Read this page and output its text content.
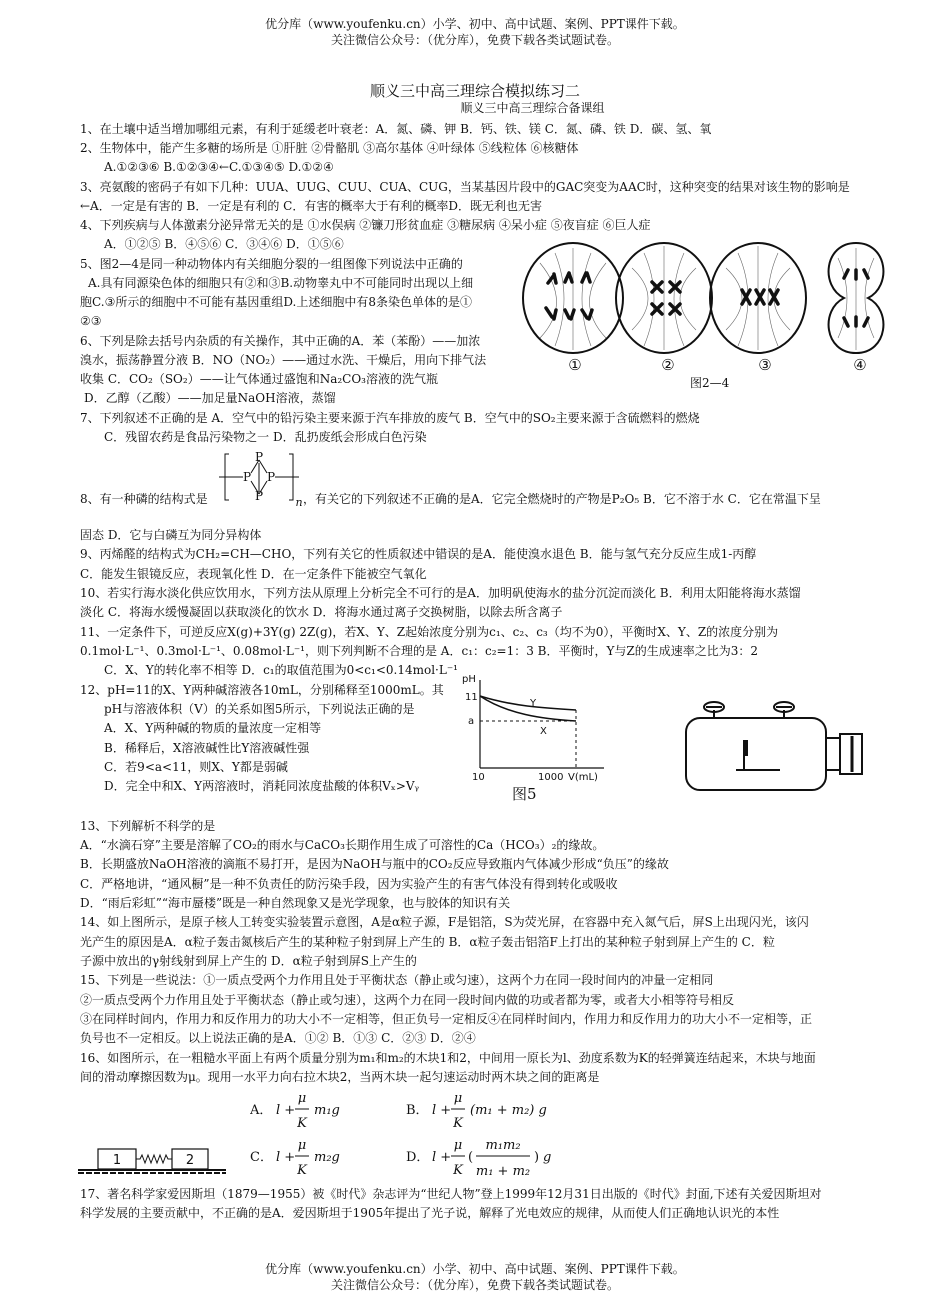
优分库（www.youfenku.cn）小学、初中、高中试题、案例、PPT课件下载。
关注微信公众号：（优分库），免费下载各类试题试卷。
顺义三中高三理综合模拟练习二
顺义三中高三理综合备课组
1、在土壤中适当增加哪组元素，有利于延缓老叶衰老：A．氮、磷、钾 B．钙、铁、镁 C．氮、磷、铁 D．碳、氢、氧
2、生物体中，能产生多糖的场所是 ①肝脏 ②骨骼肌 ③高尔基体 ④叶绿体 ⑤线粒体 ⑥核糖体
A.①②③⑥ B.①②③④←C.①③④⑤ D.①②④
3、亮氨酸的密码子有如下几种：UUA、UUG、CUU、CUA、CUG，当某基因片段中的GAC突变为AAC时，这种突变的结果对该生物的影响是
←A．一定是有害的 B．一定是有利的 C．有害的概率大于有利的概率D．既无利也无害
4、下列疾病与人体激素分泌异常无关的是 ①水俣病 ②镰刀形贫血症 ③糖尿病 ④呆小症 ⑤夜盲症 ⑥巨人症
A．①②⑤ B．④⑤⑥ C．③④⑥ D．①⑤⑥
5、图2—4是同一种动物体内有关细胞分裂的一组图像下列说法中正确的
A.具有同源染色体的细胞只有②和③B.动物睾丸中不可能同时出现以上细
胞C.③所示的细胞中不可能有基因重组D.上述细胞中有8条染色单体的是①
②③
6、下列是除去括号内杂质的有关操作，其中正确的A．苯（苯酚）——加浓
溴水，振荡静置分液 B．NO（NO₂）——通过水洗、干燥后，用向下排气法
收集 C．CO₂（SO₂）——让气体通过盛饱和Na₂CO₃溶液的洗气瓶
D．乙醇（乙酸）——加足量NaOH溶液，蒸馏
7、下列叙述不正确的是 A．空气中的铅污染主要来源于汽车排放的废气 B．空气中的SO₂主要来源于含硫燃料的燃烧
C．残留农药是食品污染物之一 D．乱扔废纸会形成白色污染
8、有一种磷的结构式是	，有关它的下列叙述不正确的是A．它完全燃烧时的产物是P₂O₅ B．它不溶于水 C．它在常温下呈
固态 D．它与白磷互为同分异构体
9、丙烯醛的结构式为CH₂=CH—CHO，下列有关它的性质叙述中错误的是A．能使溴水退色 B．能与氢气充分反应生成1-丙醇
C．能发生银镜反应，表现氧化性 D．在一定条件下能被空气氧化
10、若实行海水淡化供应饮用水，下列方法从原理上分析完全不可行的是A．加明矾使海水的盐分沉淀而淡化 B．利用太阳能将海水蒸馏
淡化 C．将海水缓慢凝固以获取淡化的饮水 D．将海水通过离子交换树脂，以除去所含离子
11、一定条件下，可逆反应X(g)+3Y(g) 2Z(g)，若X、Y、Z起始浓度分别为c₁、c₂、c₃（均不为0），平衡时X、Y、Z的浓度分别为
0.1mol·L⁻¹、0.3mol·L⁻¹、0.08mol·L⁻¹，则下列判断不合理的是 A．c₁：c₂=1：3 B．平衡时，Y与Z的生成速率之比为3：2
C．X、Y的转化率不相等 D．c₁的取值范围为0<c₁<0.14mol·L⁻¹
12、pH=11的X、Y两种碱溶液各10mL，分别稀释至1000mL。其
pH与溶液体积（V）的关系如图5所示，下列说法正确的是
A．X、Y两种碱的物质的量浓度一定相等
B．稀释后，X溶液碱性比Y溶液碱性强
C．若9<a<11，则X、Y都是弱碱
D．完全中和X、Y两溶液时，消耗同浓度盐酸的体积Vₓ>Vᵧ
13、下列解析不科学的是
A．“水滴石穿”主要是溶解了CO₂的雨水与CaCO₃长期作用生成了可溶性的Ca（HCO₃）₂的缘故。
B．长期盛放NaOH溶液的滴瓶不易打开，是因为NaOH与瓶中的CO₂反应导致瓶内气体减少形成“负压”的缘故
C．严格地讲，“通风橱”是一种不负责任的防污染手段，因为实验产生的有害气体没有得到转化或吸收
D．“雨后彩虹”“海市蜃楼”既是一种自然现象又是光学现象，也与胶体的知识有关
14、如上图所示，是原子核人工转变实验装置示意图，A是α粒子源，F是铝箔，S为荧光屏，在容器中充入氮气后，屏S上出现闪光，该闪
光产生的原因是A．α粒子轰击氮核后产生的某种粒子射到屏上产生的 B．α粒子轰击铝箔F上打出的某种粒子射到屏上产生的 C．粒
子源中放出的γ射线射到屏上产生的 D．α粒子射到屏S上产生的
15、下列是一些说法：①一质点受两个力作用且处于平衡状态（静止或匀速），这两个力在同一段时间内的冲量一定相同
②一质点受两个力作用且处于平衡状态（静止或匀速），这两个力在同一段时间内做的功或者都为零，或者大小相等符号相反
③在同样时间内，作用力和反作用力的功大小不一定相等，但正负号一定相反④在同样时间内，作用力和反作用力的功大小不一定相等，正
负号也不一定相反。以上说法正确的是A．①② B．①③ C．②③ D．②④
16、如图所示，在一粗糙水平面上有两个质量分别为m₁和m₂的木块1和2，中间用一原长为l、劲度系数为K的轻弹簧连结起来，木块与地面
间的滑动摩擦因数为μ。现用一水平力向右拉木块2，当两木块一起匀速运动时两木块之间的距离是
17、著名科学家爱因斯坦（1879—1955）被《时代》杂志评为“世纪人物”登上1999年12月31日出版的《时代》封面,下述有关爱因斯坦对
科学发展的主要贡献中，不正确的是A．爱因斯坦于1905年提出了光子说，解释了光电效应的规律，从而使人们正确地认识光的本性
①	②	③	④
图2—4
P
P P
P	n
pH
11
a
10	1000 V(mL)
Y
X
图5
1	2
A． l +
μ
K
m₁g	B． l +
μ
K
(m₁ + m₂) g
C． l +
μ
K
m₂g	D． l +
μ
K
(
m₁m₂
m₁ + m₂
) g
优分库（www.youfenku.cn）小学、初中、高中试题、案例、PPT课件下载。
关注微信公众号：（优分库），免费下载各类试题试卷。
